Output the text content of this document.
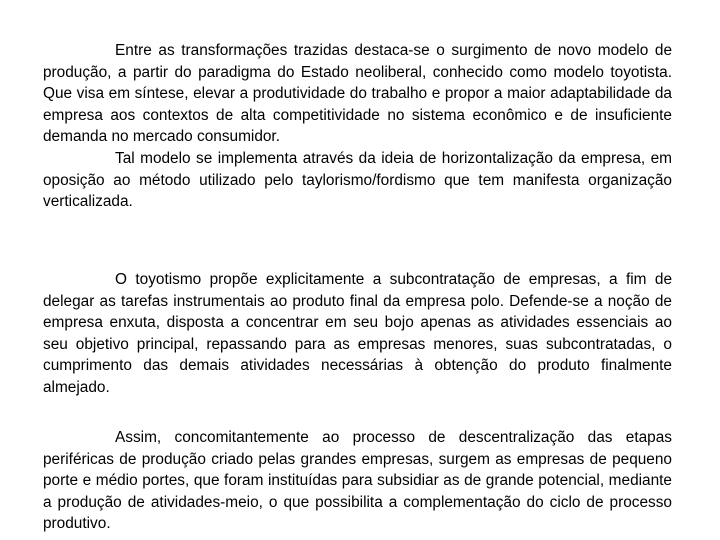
Entre as transformações trazidas destaca-se o surgimento de novo modelo de produção, a partir do paradigma do Estado neoliberal, conhecido como modelo toyotista. Que visa em síntese, elevar a produtividade do trabalho e propor a maior adaptabilidade da empresa aos contextos de alta competitividade no sistema econômico e de insuficiente demanda no mercado consumidor.

Tal modelo se implementa através da ideia de horizontalização da empresa, em oposição ao método utilizado pelo taylorismo/fordismo que tem manifesta organização verticalizada.

O toyotismo propõe explicitamente a subcontratação de empresas, a fim de delegar as tarefas instrumentais ao produto final da empresa polo. Defende-se a noção de empresa enxuta, disposta a concentrar em seu bojo apenas as atividades essenciais ao seu objetivo principal, repassando para as empresas menores, suas subcontratadas, o cumprimento das demais atividades necessárias à obtenção do produto finalmente almejado.

Assim, concomitantemente ao processo de descentralização das etapas periféricas de produção criado pelas grandes empresas, surgem as empresas de pequeno porte e médio portes, que foram instituídas para subsidiar as de grande potencial, mediante a produção de atividades-meio, o que possibilita a complementação do ciclo de processo produtivo.
